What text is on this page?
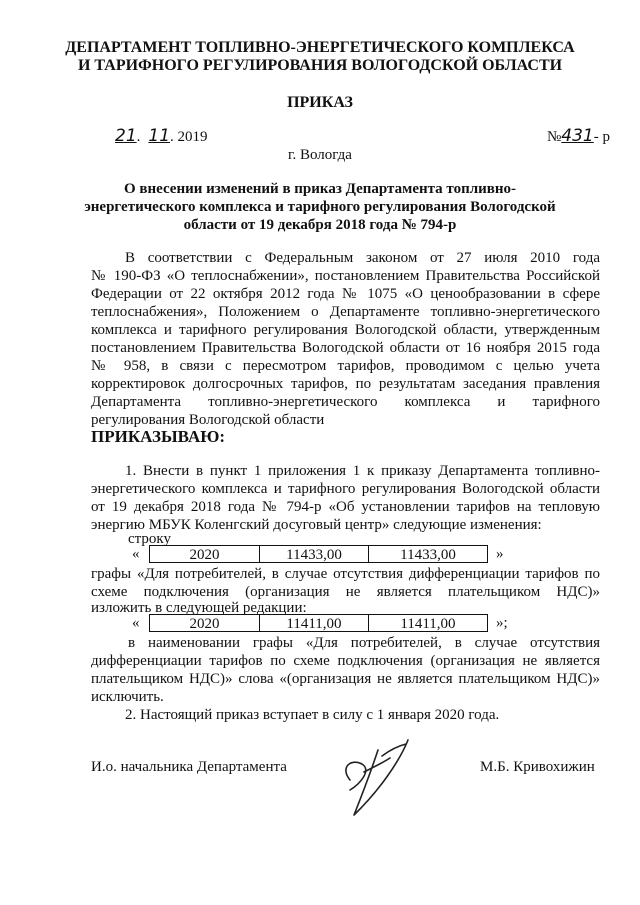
ДЕПАРТАМЕНТ ТОПЛИВНО-ЭНЕРГЕТИЧЕСКОГО КОМПЛЕКСА
И ТАРИФНОГО РЕГУЛИРОВАНИЯ ВОЛОГОДСКОЙ ОБЛАСТИ
ПРИКАЗ
21. 11. 2019	№431- р
г. Вологда
О внесении изменений в приказ Департамента топливно-
энергетического комплекса и тарифного регулирования Вологодской
области от 19 декабря 2018 года № 794-р
В соответствии с Федеральным законом от 27 июля 2010 года
№ 190-ФЗ «О теплоснабжении», постановлением Правительства Российской
Федерации от 22 октября 2012 года № 1075 «О ценообразовании в сфере
теплоснабжения», Положением о Департаменте топливно-энергетического
комплекса и тарифного регулирования Вологодской области, утвержденным
постановлением Правительства Вологодской области от 16 ноября 2015 года
№ 958, в связи с пересмотром тарифов, проводимом с целью учета
корректировок долгосрочных тарифов, по результатам заседания правления
Департамента топливно-энергетического комплекса и тарифного
регулирования Вологодской области
ПРИКАЗЫВАЮ:
1. Внести в пункт 1 приложения 1 к приказу Департамента топливно-
энергетического комплекса и тарифного регулирования Вологодской области
от 19 декабря 2018 года № 794-р «Об установлении тарифов на тепловую
энергию МБУК Коленгский досуговый центр» следующие изменения:
строку
«	2020	11433,00	11433,00	»
графы «Для потребителей, в случае отсутствия дифференциации тарифов по
схеме подключения (организация не является плательщиком НДС)»
изложить в следующей редакции:
«	2020	11411,00	11411,00	»;
в наименовании графы «Для потребителей, в случае отсутствия
дифференциации тарифов по схеме подключения (организация не является
плательщиком НДС)» слова «(организация не является плательщиком НДС)»
исключить.
2. Настоящий приказ вступает в силу с 1 января 2020 года.
И.о. начальника Департамента	М.Б. Кривохижин
